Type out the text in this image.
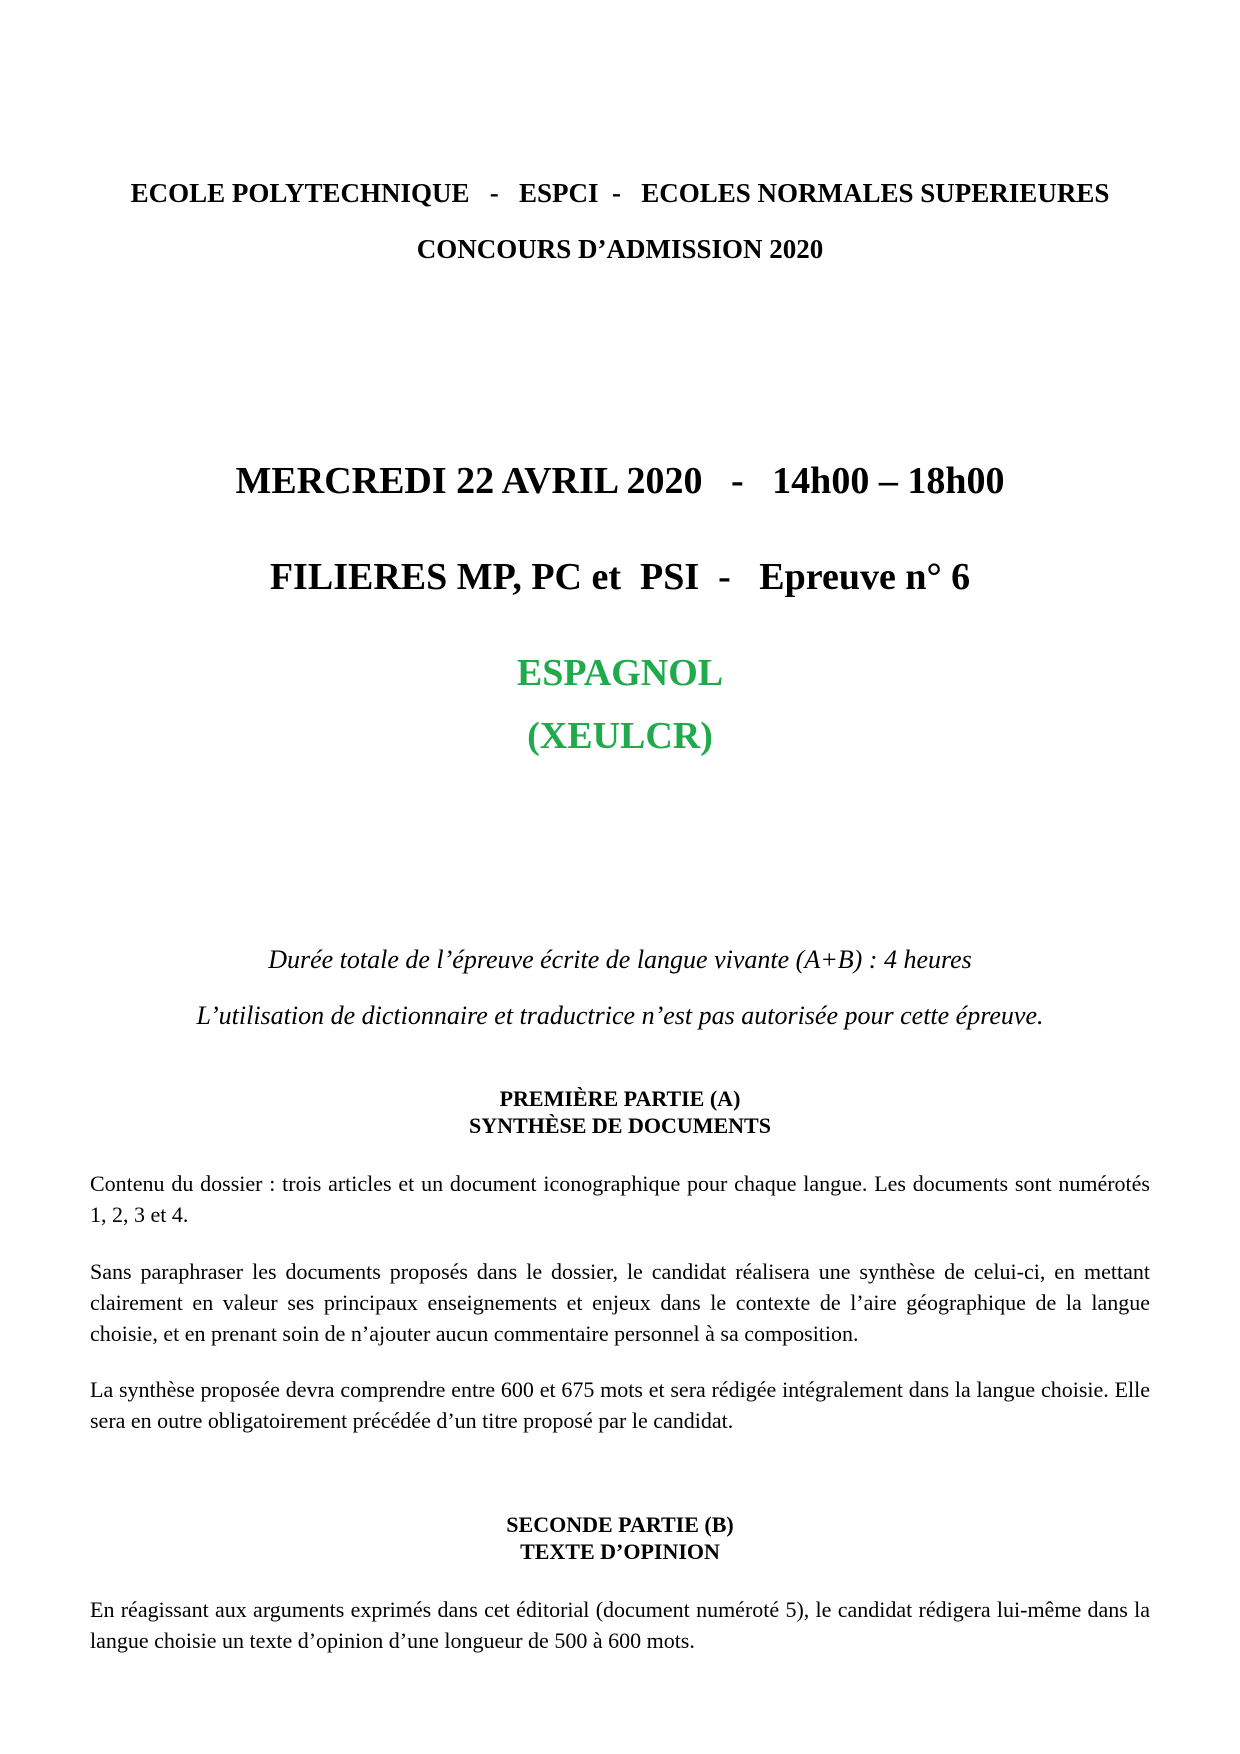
ECOLE POLYTECHNIQUE   -   ESPCI  -   ECOLES NORMALES SUPERIEURES
CONCOURS D’ADMISSION 2020
MERCREDI 22 AVRIL 2020   -   14h00 – 18h00
FILIERES MP, PC et  PSI  -   Epreuve n° 6
ESPAGNOL
(XEULCR)
Durée totale de l’épreuve écrite de langue vivante (A+B) : 4 heures
L’utilisation de dictionnaire et traductrice n’est pas autorisée pour cette épreuve.
PREMIÈRE PARTIE (A)
SYNTHÈSE DE DOCUMENTS

Contenu du dossier : trois articles et un document iconographique pour chaque langue. Les documents sont numérotés 1, 2, 3 et 4.

Sans paraphraser les documents proposés dans le dossier, le candidat réalisera une synthèse de celui-ci, en mettant clairement en valeur ses principaux enseignements et enjeux dans le contexte de l’aire géographique de la langue choisie, et en prenant soin de n’ajouter aucun commentaire personnel à sa composition.

La synthèse proposée devra comprendre entre 600 et 675 mots et sera rédigée intégralement dans la langue choisie. Elle sera en outre obligatoirement précédée d’un titre proposé par le candidat.

SECONDE PARTIE (B)
TEXTE D’OPINION

En réagissant aux arguments exprimés dans cet éditorial (document numéroté 5), le candidat rédigera lui-même dans la langue choisie un texte d’opinion d’une longueur de 500 à 600 mots.
